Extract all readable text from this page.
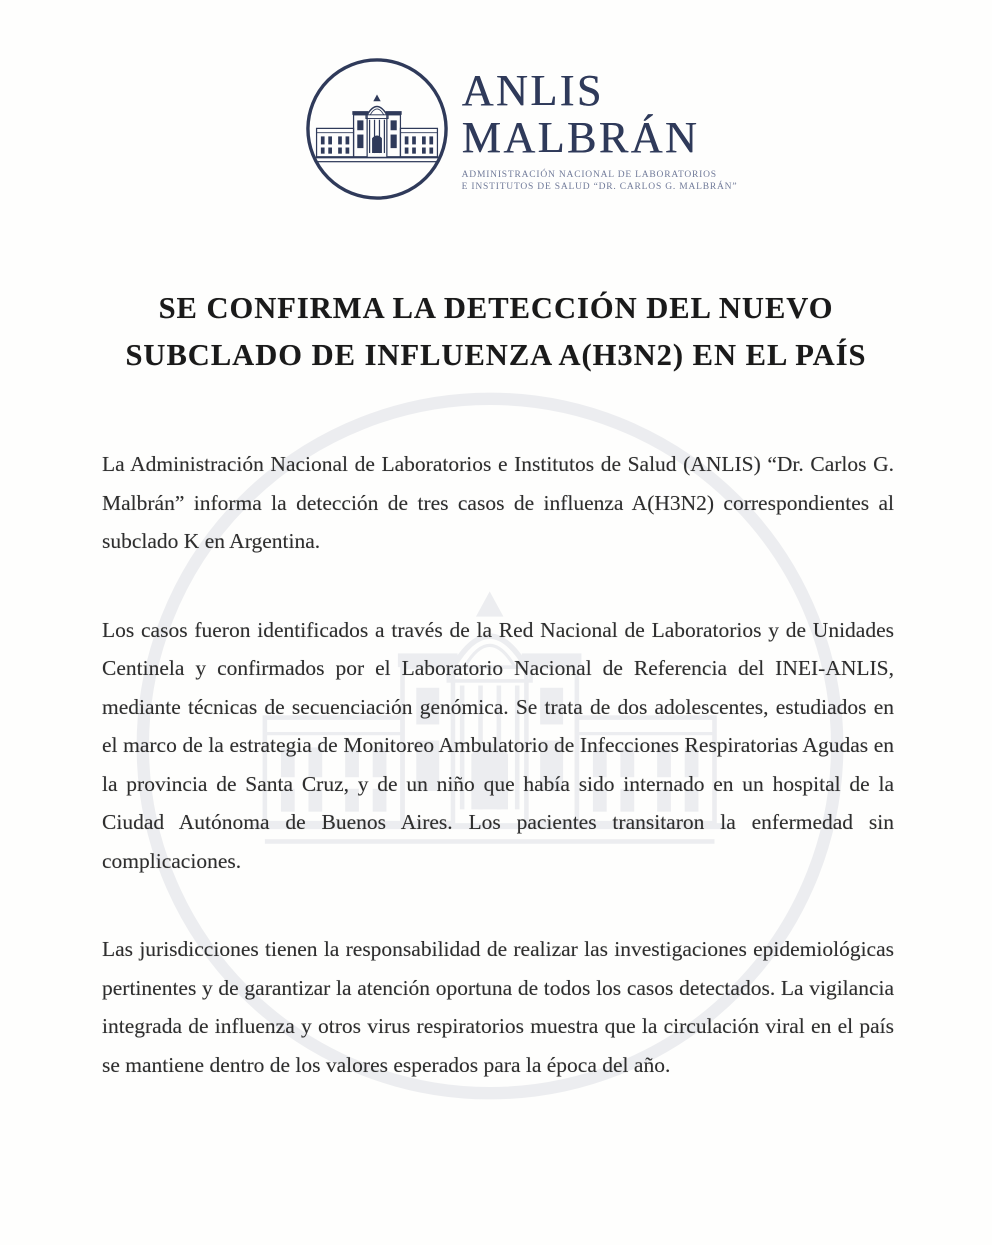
ANLIS
MALBRÁN
ADMINISTRACIÓN NACIONAL DE LABORATORIOS
E INSTITUTOS DE SALUD “DR. CARLOS G. MALBRÁN”
SE CONFIRMA LA DETECCIÓN DEL NUEVO
SUBCLADO DE INFLUENZA A(H3N2) EN EL PAÍS

La Administración Nacional de Laboratorios e Institutos de Salud (ANLIS) “Dr. Carlos G. Malbrán” informa la detección de tres casos de influenza A(H3N2) correspondientes al subclado K en Argentina.

Los casos fueron identificados a través de la Red Nacional de Laboratorios y de Unidades Centinela y confirmados por el Laboratorio Nacional de Referencia del INEI-ANLIS, mediante técnicas de secuenciación genómica. Se trata de dos adolescentes, estudiados en el marco de la estrategia de Monitoreo Ambulatorio de Infecciones Respiratorias Agudas en la provincia de Santa Cruz, y de un niño que había sido internado en un hospital de la Ciudad Autónoma de Buenos Aires. Los pacientes transitaron la enfermedad sin complicaciones.

Las jurisdicciones tienen la responsabilidad de realizar las investigaciones epidemiológicas pertinentes y de garantizar la atención oportuna de todos los casos detectados. La vigilancia integrada de influenza y otros virus respiratorios muestra que la circulación viral en el país se mantiene dentro de los valores esperados para la época del año.
